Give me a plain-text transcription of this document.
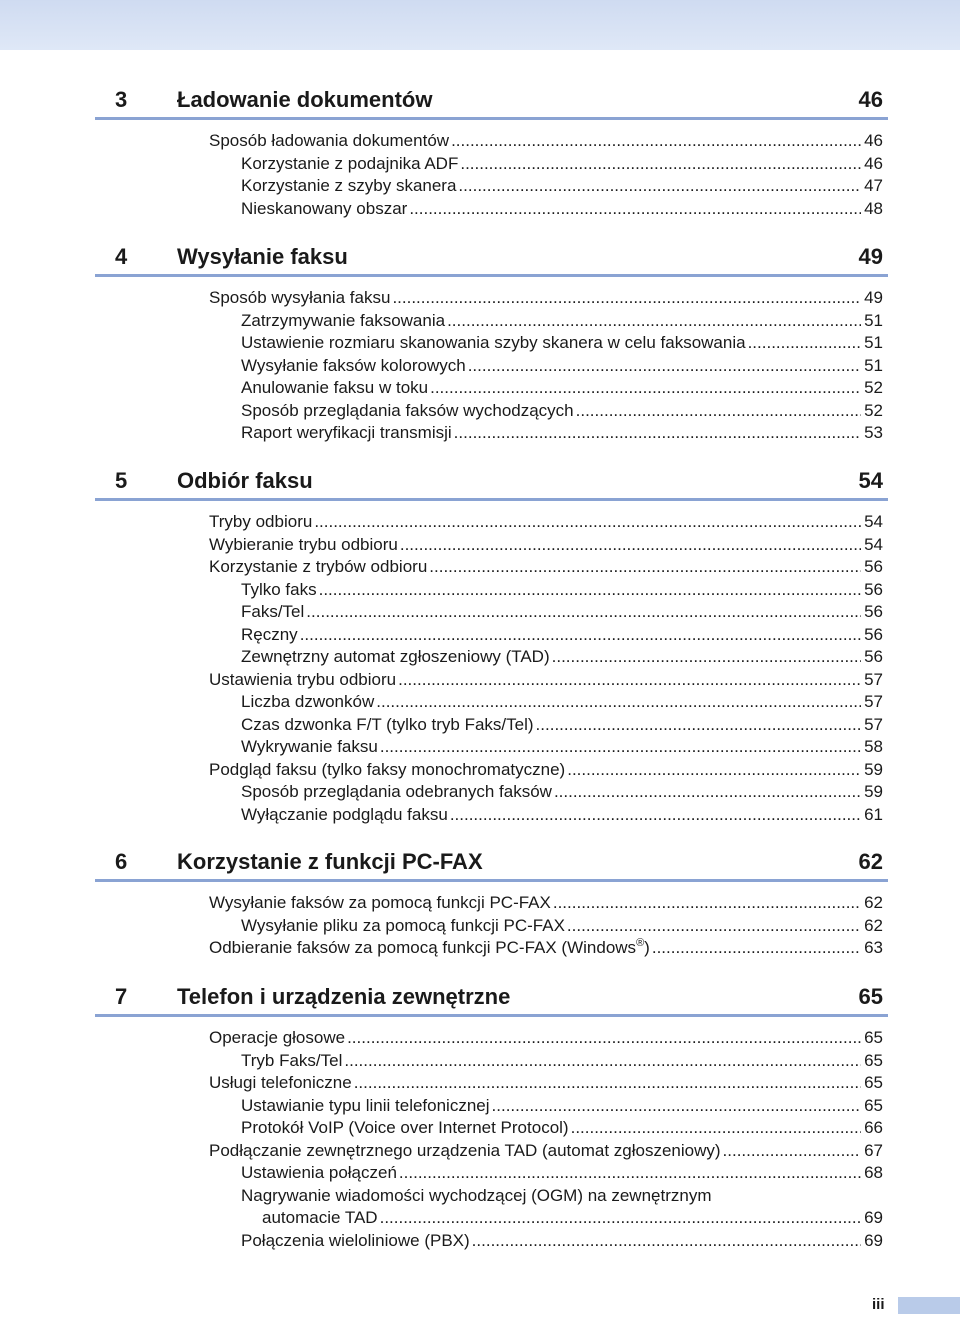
3 Ładowanie dokumentów	46
Sposób ładowania dokumentów .....	46
Korzystanie z podajnika ADF .....	46
Korzystanie z szyby skanera .....	47
Nieskanowany obszar .....	48
4 Wysyłanie faksu	49
Sposób wysyłania faksu .....	49
Zatrzymywanie faksowania .....	51
Ustawienie rozmiaru skanowania szyby skanera w celu faksowania .....	51
Wysyłanie faksów kolorowych .....	51
Anulowanie faksu w toku .....	52
Sposób przeglądania faksów wychodzących .....	52
Raport weryfikacji transmisji .....	53
5 Odbiór faksu	54
Tryby odbioru .....	54
Wybieranie trybu odbioru .....	54
Korzystanie z trybów odbioru .....	56
Tylko faks .....	56
Faks/Tel .....	56
Ręczny .....	56
Zewnętrzny automat zgłoszeniowy (TAD) .....	56
Ustawienia trybu odbioru .....	57
Liczba dzwonków .....	57
Czas dzwonka F/T (tylko tryb Faks/Tel) .....	57
Wykrywanie faksu .....	58
Podgląd faksu (tylko faksy monochromatyczne) .....	59
Sposób przeglądania odebranych faksów .....	59
Wyłączanie podglądu faksu .....	61
6 Korzystanie z funkcji PC-FAX	62
Wysyłanie faksów za pomocą funkcji PC-FAX .....	62
Wysyłanie pliku za pomocą funkcji PC-FAX .....	62
Odbieranie faksów za pomocą funkcji PC-FAX (Windows ® ) .....	63
7 Telefon i urządzenia zewnętrzne	65
Operacje głosowe .....	65
Tryb Faks/Tel .....	65
Usługi telefoniczne .....	65
Ustawianie typu linii telefonicznej .....	65
Protokół VoIP (Voice over Internet Protocol) .....	66
Podłączanie zewnętrznego urządzenia TAD (automat zgłoszeniowy) .....	67
Ustawienia połączeń .....	68
Nagrywanie wiadomości wychodzącej (OGM) na zewnętrznym
automacie TAD .....	69
Połączenia wieloliniowe (PBX) .....	69
iii
